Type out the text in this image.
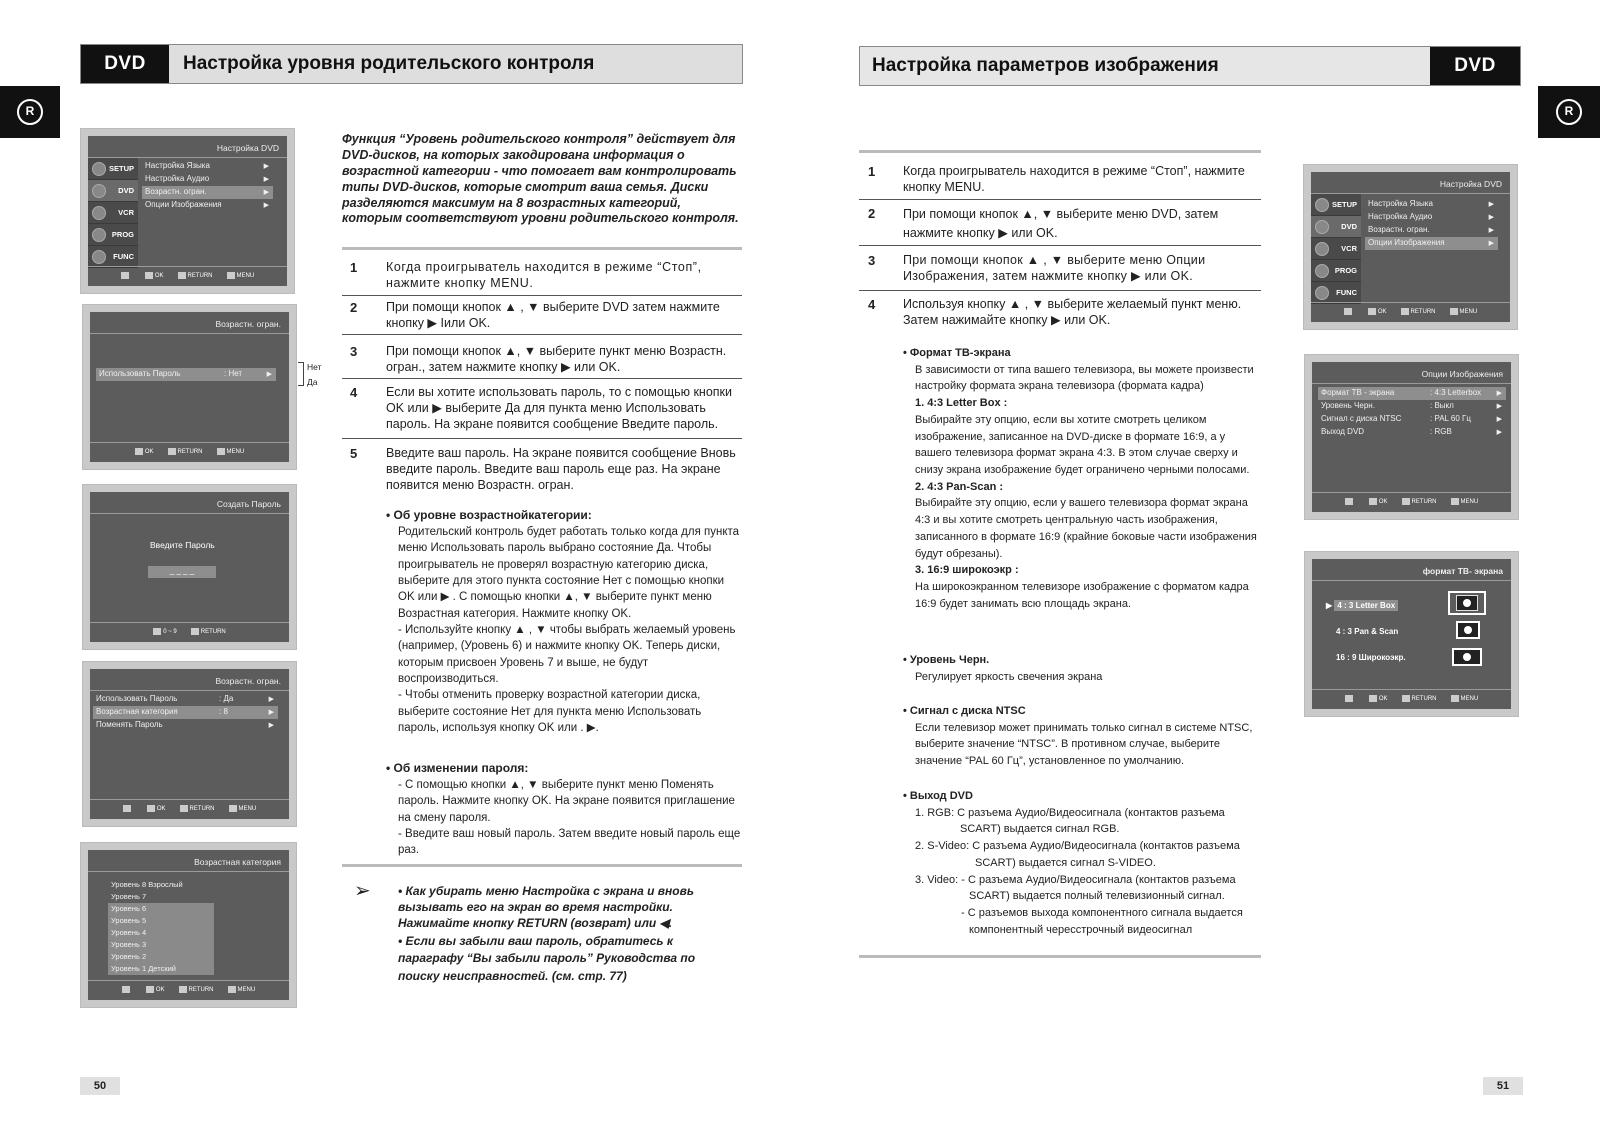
R
DVD	Настройка уровня родительского контроля
Настройка DVD
SETUP
DVD
VCR
PROG
FUNC
Настройка Языка	▶
Настройка Аудио	▶
Возрастн. огран.	▶
Опции Изображения	▶
OK	RETURN	MENU
Возрастн. огран.
Использовать Пароль	: Нет	▶
OK	RETURN	MENU
Нет
Да
Создать Пароль
Введите Пароль
_ _ _ _
0 ~ 9	RETURN
Возрастн. огран.
Использовать Пароль	: Да	▶
Возрастная категория	: 8	▶
Поменять Пароль	▶
OK	RETURN	MENU
Возрастная категория
Уровень 8 Взрослый
Уровень 7
Уровень 6
Уровень 5
Уровень 4
Уровень 3
Уровень 2
Уровень 1 Детский
OK	RETURN	MENU
Функция “Уровень родительского контроля” действует для DVD-дисков, на которых закодирована информация о возрастной категории - что помогает вам контролировать типы DVD-дисков, которые смотрит ваша семья. Диски разделяются максимум на 8 возрастных категорий, которым соответствуют уровни родительского контроля.
1 Когда проигрыватель находится в режиме “Стоп”, нажмите кнопку MENU.
2 При помощи кнопок ▲ , ▼ выберите DVD затем нажмите кнопку ▶ Iили OK.
3 При помощи кнопок ▲, ▼ выберите пункт меню Возрастн. огран., затем нажмите кнопку ▶ или OK.
4 Если вы хотите использовать пароль, то с помощью кнопки OK или ▶ выберите Да для пункта меню Использовать пароль. На экране появится сообщение Введите пароль.
5 Введите ваш пароль. На экране появится сообщение Вновь введите пароль. Введите ваш пароль еще раз. На экране появится меню Возрастн. огран.
• Об уровне возрастнойкатегории:
Родительский контроль будет работать только когда для пункта меню Использовать пароль выбрано состояние Да. Чтобы проигрыватель не проверял возрастную категорию диска, выберите для этого пункта состояние Нет с помощью кнопки OK или ▶ . С помощью кнопки ▲, ▼ выберите пункт меню Возрастная категория. Нажмите кнопку OK.
- Используйте кнопку ▲ , ▼ чтобы выбрать желаемый уровень (например, (Уровень 6) и нажмите кнопку OK. Теперь диски, которым присвоен Уровень 7 и выше, не будут воспроизводиться.
- Чтобы отменить проверку возрастной категории диска, выберите состояние Нет для пункта меню Использовать пароль, используя кнопку OK или . ▶.
• Об изменении пароля:
- С помощью кнопки ▲, ▼ выберите пункт меню Поменять пароль. Нажмите кнопку OK. На экране появится приглашение на смену пароля.
- Введите ваш новый пароль. Затем введите новый пароль еще раз.
➢ • Как убирать меню Настройка с экрана и вновь вызывать его на экран во время настройки. Нажимайте кнопку RETURN (возврат) или ◀.
• Если вы забыли ваш пароль, обратитесь к параграфу “Вы забыли пароль” Руководства по поиску неисправностей. (см. стр. 77)
50
Настройка параметров изображения	DVD
R
1 Когда проигрыватель находится в режиме “Стоп”, нажмите кнопку MENU.
2 При помощи кнопок ▲, ▼ выберите меню DVD, затем нажмите кнопку ▶ или OK.
3 При помощи кнопок ▲ , ▼ выберите меню Опции Изображения, затем нажмите кнопку ▶ или OK.
4 Используя кнопку ▲ , ▼ выберите желаемый пункт меню. Затем нажимайте кнопку ▶ или OK.
• Формат ТВ-экрана
В зависимости от типа вашего телевизора, вы можете произвести настройку формата экрана телевизора (формата кадра)
1. 4:3 Letter Box :
Выбирайте эту опцию, если вы хотите смотреть целиком изображение, записанное на DVD-диске в формате 16:9, а у вашего телевизора формат экрана 4:3. В этом случае сверху и снизу экрана изображение будет ограничено черными полосами.
2. 4:3 Pan-Scan :
Выбирайте эту опцию, если у вашего телевизора формат экрана 4:3 и вы хотите смотреть центральную часть изображения, записанного в формате 16:9 (крайние боковые части изображения будут обрезаны).
3. 16:9 широкоэкр :
На широкоэкранном телевизоре изображение с форматом кадра 16:9 будет занимать всю площадь экрана.
• Уровень Черн.
Регулирует яркость свечения экрана
• Сигнал с диска NTSC
Если телевизор может принимать только сигнал в системе NTSC, выберите значение “NTSC”. В противном случае, выберите значение “PAL 60 Гц”, установленное по умолчанию.
• Выход DVD
1. RGB: С разъема Аудио/Видеосигнала (контактов разъема
SCART) выдается сигнал RGB.
2. S-Video: С разъема Аудио/Видеосигнала (контактов разъема
SCART) выдается сигнал S-VIDEO.
3. Video: - С разъема Аудио/Видеосигнала (контактов разъема
SCART) выдается полный телевизионный сигнал.
- С разъемов выхода компонентного сигнала выдается
компонентный чересстрочный видеосигнал
Настройка DVD
SETUP
DVD
VCR
PROG
FUNC
Настройка Языка	▶
Настройка Аудио	▶
Возрастн. огран.	▶
Опции Изображения	▶
OK	RETURN	MENU
Опции Изображения
Формат ТВ - экрана	: 4:3 Letterbox ▶
Уровень Черн.	: Выкл	▶
Сигнал с диска NTSC	: PAL 60 Гц	▶
Выход DVD	: RGB	▶
OK	RETURN	MENU
формат ТВ- экрана
▶ 4 : 3 Letter Box
4 : 3 Pan & Scan
16 : 9 Широкоэкр.
OK	RETURN	MENU
51
